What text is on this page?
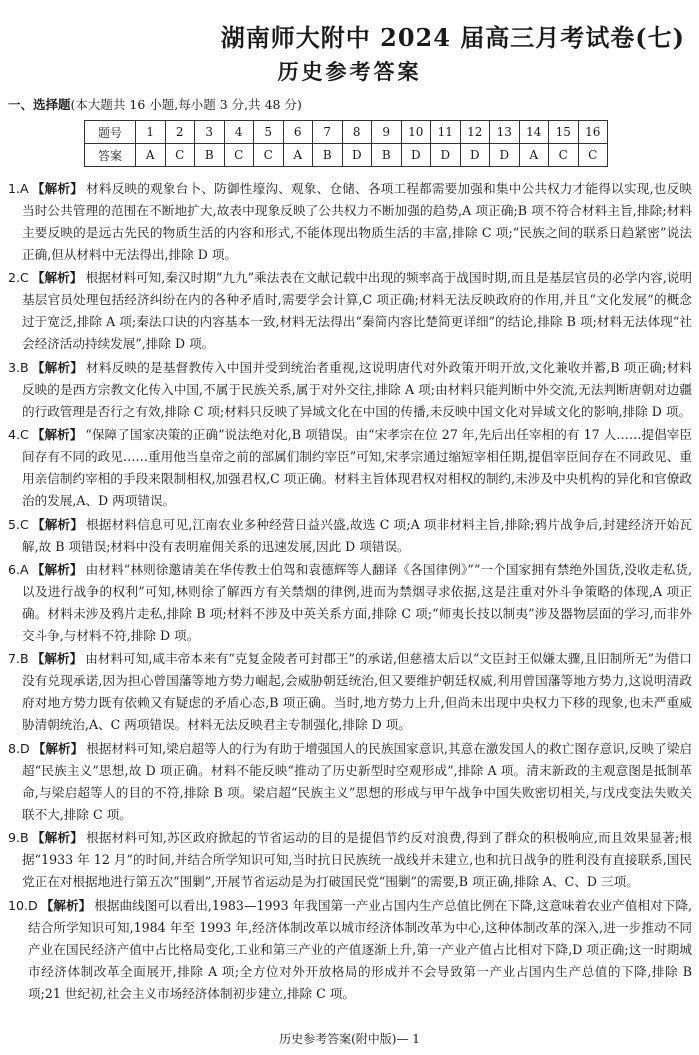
湖南师大附中 2024 届高三月考试卷(七)
历史参考答案
一、选择题(本大题共 16 小题,每小题 3 分,共 48 分)
题号	1	2	3	4	5	6	7	8	9	10	11	12	13	14	15	16
答案	A	C	B	C	C	A	B	D	B	D	D	D	D	A	C	C

1.A 【解析】 材料反映的观象台卜、防御性壕沟、观象、仓储、各项工程都需要加强和集中公共权力才能得以实现,也反映当时公共管理的范围在不断地扩大,故表中现象反映了公共权力不断加强的趋势,A 项正确;B 项不符合材料主旨,排除;材料主要反映的是远古先民的物质生活的内容和形式,不能体现出物质生活的丰富,排除 C 项;“民族之间的联系日趋紧密”说法正确,但从材料中无法得出,排除 D 项。

2.C 【解析】 根据材料可知,秦汉时期“九九”乘法表在文献记载中出现的频率高于战国时期,而且是基层官员的必学内容,说明基层官员处理包括经济纠纷在内的各种矛盾时,需要学会计算,C 项正确;材料无法反映政府的作用,并且“文化发展”的概念过于宽泛,排除 A 项;秦法口诀的内容基本一致,材料无法得出“秦简内容比楚简更详细”的结论,排除 B 项;材料无法体现“社会经济活动持续发展”,排除 D 项。

3.B 【解析】 材料反映的是基督教传入中国并受到统治者重视,这说明唐代对外政策开明开放,文化兼收并蓄,B 项正确;材料反映的是西方宗教文化传入中国,不属于民族关系,属于对外交往,排除 A 项;由材料只能判断中外交流,无法判断唐朝对边疆的行政管理是否行之有效,排除 C 项;材料只反映了异域文化在中国的传播,未反映中国文化对异域文化的影响,排除 D 项。

4.C 【解析】 “保障了国家决策的正确”说法绝对化,B 项错误。由“宋孝宗在位 27 年,先后出任宰相的有 17 人……提倡宰臣间存有不同的政见……重用他当皇帝之前的部属们制约宰臣”可知,宋孝宗通过缩短宰相任期,提倡宰臣间存在不同政见、重用亲信制约宰相的手段来限制相权,加强君权,C 项正确。材料主旨体现君权对相权的制约,未涉及中央机构的异化和官僚政治的发展,A、D 两项错误。

5.C 【解析】 根据材料信息可见,江南农业多种经营日益兴盛,故选 C 项;A 项非材料主旨,排除;鸦片战争后,封建经济开始瓦解,故 B 项错误;材料中没有表明雇佣关系的迅速发展,因此 D 项错误。

6.A 【解析】 由材料“林则徐邀请美在华传教士伯驾和袁德辉等人翻译《各国律例》”“一个国家拥有禁绝外国货,没收走私货,以及进行战争的权利”可知,林则徐了解西方有关禁烟的律例,进而为禁烟寻求依据,这是注重对外斗争策略的体现,A 项正确。材料未涉及鸦片走私,排除 B 项;材料不涉及中英关系方面,排除 C 项;“师夷长技以制夷”涉及器物层面的学习,而非外交斗争,与材料不符,排除 D 项。

7.B 【解析】 由材料可知,咸丰帝本来有“克复金陵者可封郡王”的承诺,但慈禧太后以“文臣封王似嫌太骤,且旧制所无”为借口没有兑现承诺,因为担心曾国藩等地方势力崛起,会威胁朝廷统治,但又要维护朝廷权威,利用曾国藩等地方势力,这说明清政府对地方势力既有依赖又有疑虑的矛盾心态,B 项正确。当时,地方势力上升,但尚未出现中央权力下移的现象,也未严重威胁清朝统治,A、C 两项错误。材料无法反映君主专制强化,排除 D 项。

8.D 【解析】 根据材料可知,梁启超等人的行为有助于增强国人的民族国家意识,其意在激发国人的救亡图存意识,反映了梁启超“民族主义”思想,故 D 项正确。材料不能反映“推动了历史新型时空观形成”,排除 A 项。清末新政的主观意图是抵制革命,与梁启超等人的目的不符,排除 B 项。梁启超“民族主义”思想的形成与甲午战争中国失败密切相关,与戊戌变法失败关联不大,排除 C 项。

9.B 【解析】 根据材料可知,苏区政府掀起的节省运动的目的是提倡节约反对浪费,得到了群众的积极响应,而且效果显著;根据“1933 年 12 月”的时间,并结合所学知识可知,当时抗日民族统一战线并未建立,也和抗日战争的胜利没有直接联系,国民党正在对根据地进行第五次“围剿”,开展节省运动是为打破国民党“围剿”的需要,B 项正确,排除 A、C、D 三项。

10.D 【解析】 根据曲线图可以看出,1983—1993 年我国第一产业占国内生产总值比例在下降,这意味着农业产值相对下降,结合所学知识可知,1984 年至 1993 年,经济体制改革以城市经济体制改革为中心,这种体制改革的深入,进一步推动不同产业在国民经济产值中占比格局变化,工业和第三产业的产值逐渐上升,第一产业产值占比相对下降,D 项正确;这一时期城市经济体制改革全面展开,排除 A 项;全方位对外开放格局的形成并不会导致第一产业占国内生产总值的下降,排除 B 项;21 世纪初,社会主义市场经济体制初步建立,排除 C 项。

历史参考答案(附中版)— 1
